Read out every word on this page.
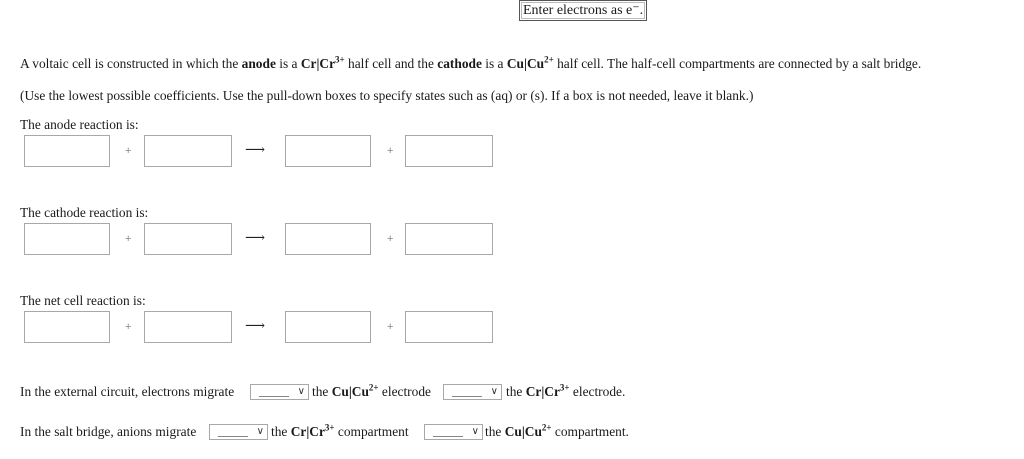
Enter electrons as e⁻.
A voltaic cell is constructed in which the anode is a $Cr|Cr^{3+}$ half cell and the cathode is a $Cu|Cu^{2+}$ half cell. The half-cell compartments are connected by a salt bridge.
(Use the lowest possible coefficients. Use the pull-down boxes to specify states such as (aq) or (s). If a box is not needed, leave it blank.)
The anode reaction is:
+	⟶	+
The cathode reaction is:
+	⟶	+
The net cell reaction is:
+	⟶	+
In the external circuit, electrons migrate _____ ∨ the $Cu|Cu^{2+}$ electrode _____ ∨ the $Cr|Cr^{3+}$ electrode.
In the salt bridge, anions migrate _____ ∨ the $Cr|Cr^{3+}$ compartment _____ ∨ the $Cu|Cu^{2+}$ compartment.
